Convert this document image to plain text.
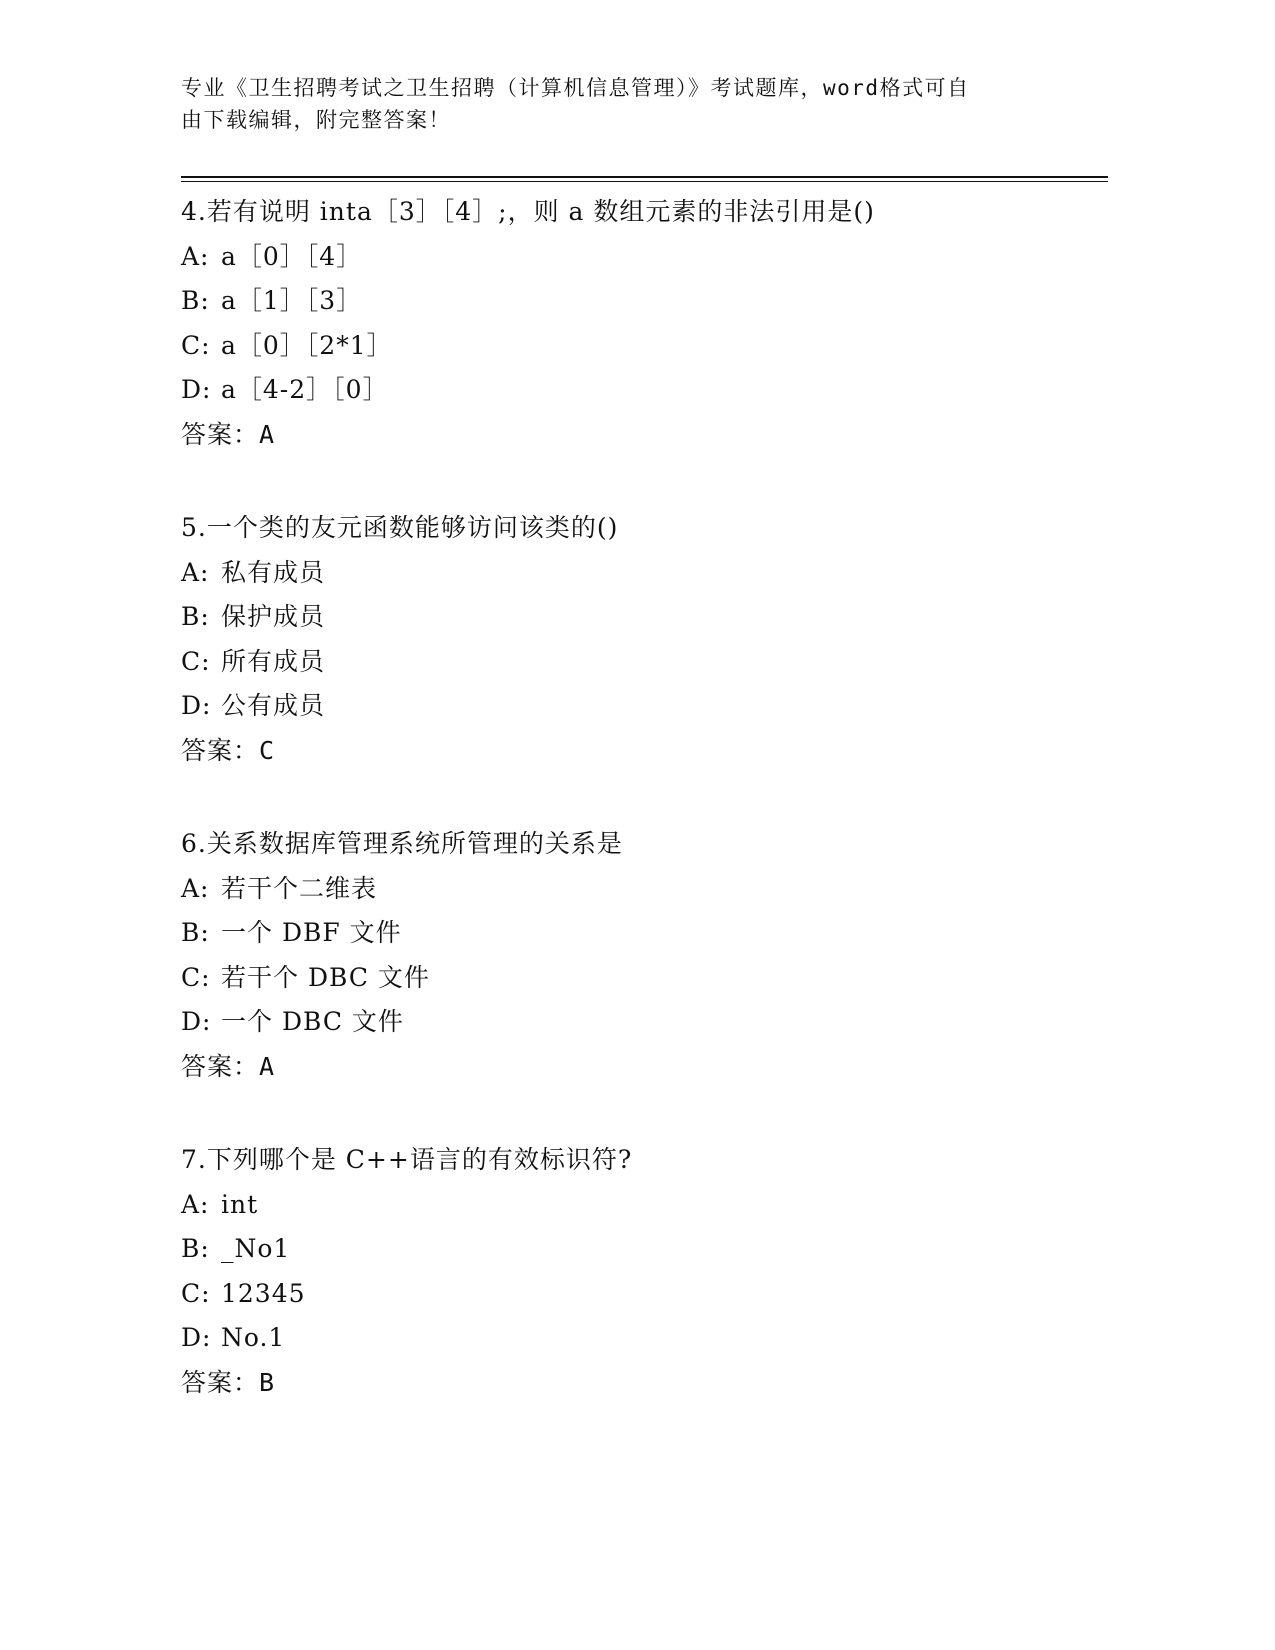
专业《卫生招聘考试之卫生招聘（计算机信息管理）》考试题库，word格式可自
由下载编辑，附完整答案！
4.若有说明 inta［3］［4］;，则 a 数组元素的非法引用是()
A: a［0］［4］
B: a［1］［3］
C: a［0］［2*1］
D: a［4-2］［0］
答案：A
5.一个类的友元函数能够访问该类的()
A: 私有成员
B: 保护成员
C: 所有成员
D: 公有成员
答案：C
6.关系数据库管理系统所管理的关系是
A: 若干个二维表
B: 一个 DBF 文件
C: 若干个 DBC 文件
D: 一个 DBC 文件
答案：A
7.下列哪个是 C++语言的有效标识符?
A: int
B: _No1
C: 12345
D: No.1
答案：B
